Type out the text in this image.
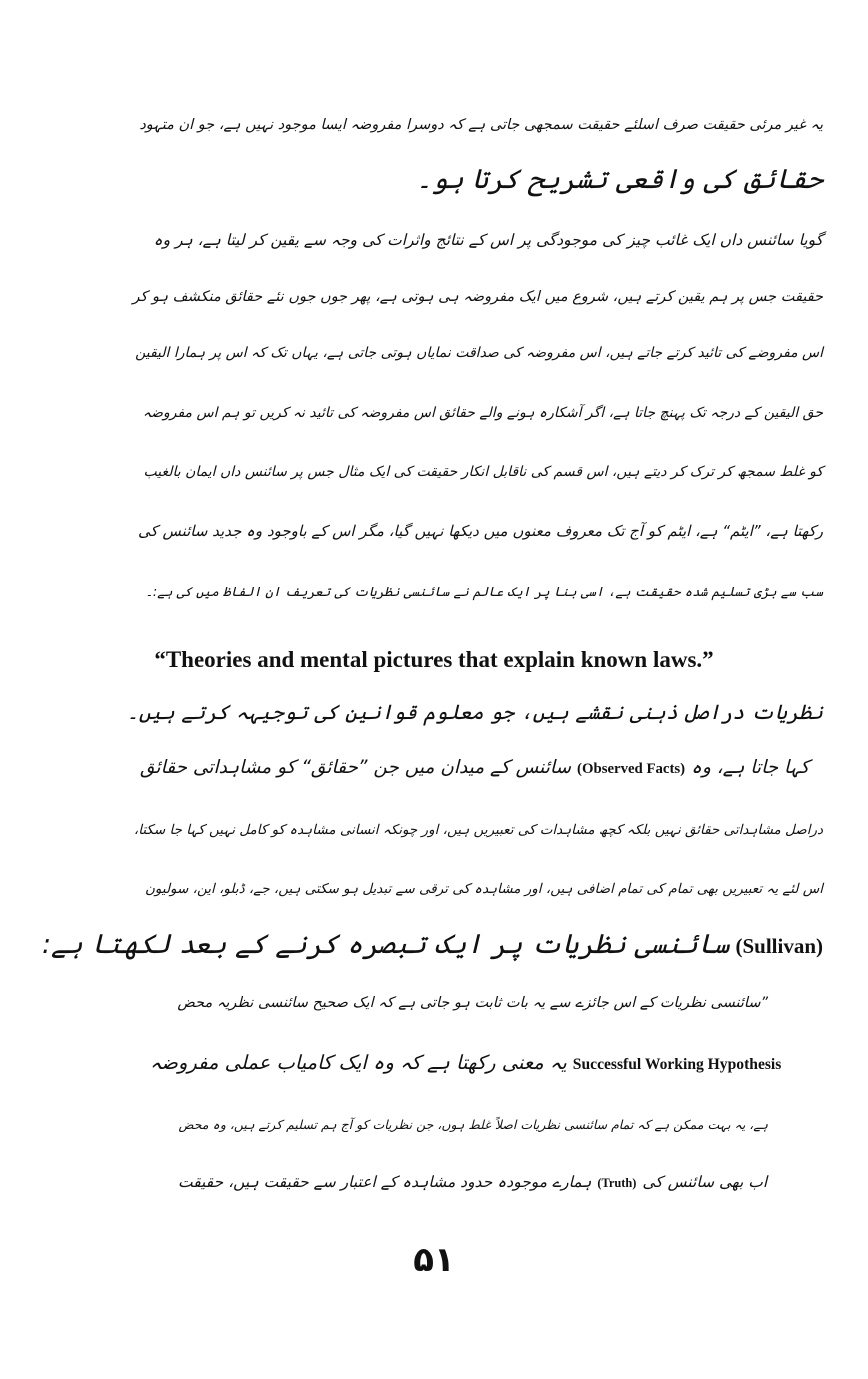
یہ غیر مرئی حقیقت صرف اسلئے حقیقت سمجھی جاتی ہے کہ دوسرا مفروضہ ایسا موجود نہیں ہے، جو ان متہود
حقائق کی واقعی تشریح کرتا ہو۔
گویا سائنس داں ایک غائب چیز کی موجودگی پر اس کے نتائج واثرات کی وجہ سے یقین کر لیتا ہے، ہر وہ
حقیقت جس پر ہم یقین کرتے ہیں، شروع میں ایک مفروضہ ہی ہوتی ہے، پھر جوں جوں نئے حقائق منکشف ہو کر
اس مفروضے کی تائید کرتے جاتے ہیں، اس مفروضہ کی صداقت نمایاں ہوتی جاتی ہے، یہاں تک کہ اس پر ہمارا الیقین
حق الیقین کے درجہ تک پہنچ جاتا ہے، اگر آشکارہ ہونے والے حقائق اس مفروضہ کی تائید نہ کریں تو ہم اس مفروضہ
کو غلط سمجھ کر ترک کر دیتے ہیں، اس قسم کی ناقابل انکار حقیقت کی ایک مثال جس پر سائنس داں ایمان بالغیب
رکھتا ہے، ”ایٹم“ ہے، ایٹم کو آج تک معروف معنوں میں دیکھا نہیں گیا، مگر اس کے باوجود وہ جدید سائنس کی
سب سے بڑی تسلیم شدہ حقیقت ہے، اسی بنا پر ایک عالم نے سائنسی نظریات کی تعریف ان الفاظ میں کی ہے:۔
“Theories and mental pictures that explain known laws.”
نظریات دراصل ذہنی نقشے ہیں، جو معلوم قوانین کی توجیہہ کرتے ہیں۔
سائنس کے میدان میں جن ”حقائق“ کو مشاہداتی حقائق (Observed Facts) کہا جاتا ہے، وہ
دراصل مشاہداتی حقائق نہیں بلکہ کچھ مشاہدات کی تعبیریں ہیں، اور چونکہ انسانی مشاہدہ کو کامل نہیں کہا جا سکتا،
اس لئے یہ تعبیریں بھی تمام کی تمام اضافی ہیں، اور مشاہدہ کی ترقی سے تبدیل ہو سکتی ہیں، جے، ڈبلو، این، سولیون
سائنسی نظریات پر ایک تبصرہ کرنے کے بعد لکھتا ہے: (Sullivan)
”سائنسی نظریات کے اس جائزے سے یہ بات ثابت ہو جاتی ہے کہ ایک صحیح سائنسی نظریہ محض
یہ معنی رکھتا ہے کہ وہ ایک کامیاب عملی مفروضہ Successful Working Hypothesis
ہے، یہ بہت ممکن ہے کہ تمام سائنسی نظریات اصلاً غلط ہوں، جن نظریات کو آج ہم تسلیم کرتے ہیں، وہ محض
ہمارے موجودہ حدود مشاہدہ کے اعتبار سے حقیقت ہیں، حقیقت (Truth) اب بھی سائنس کی
۵۱
